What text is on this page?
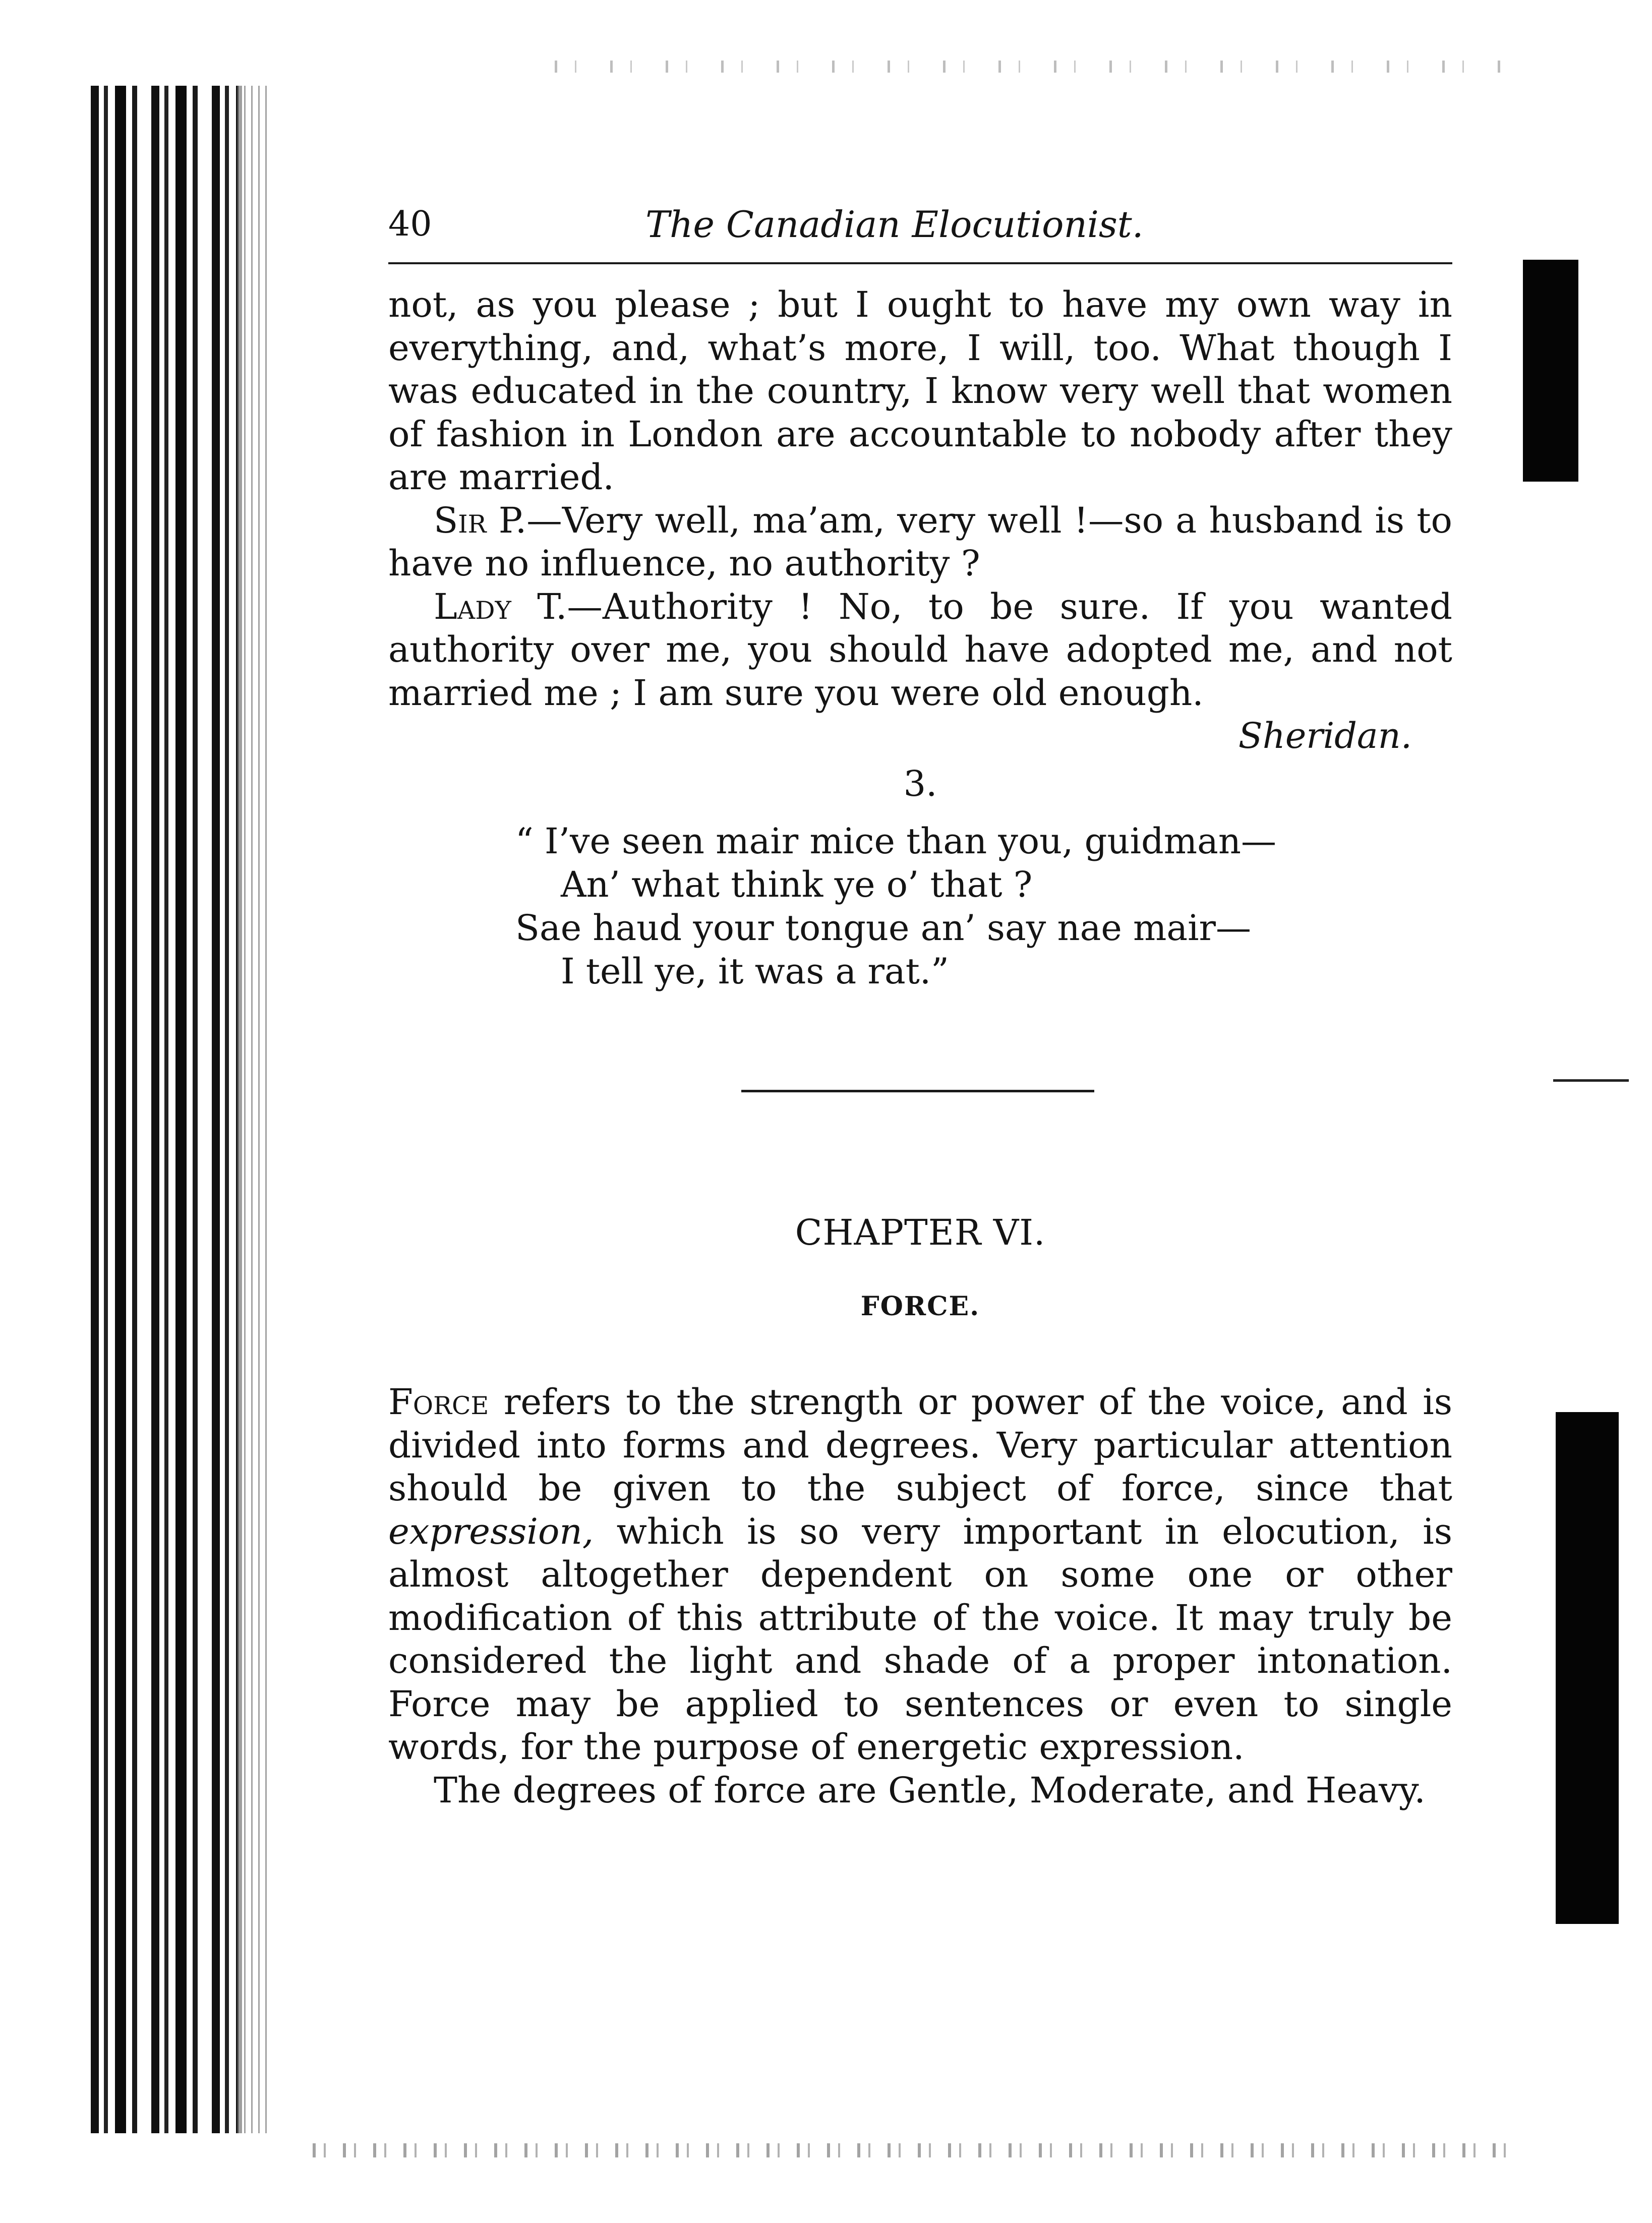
40	The Canadian Elocutionist.

not, as you please ; but I ought to have my own way in everything, and, what’s more, I will, too. What though I was educated in the country, I know very well that women of fashion in London are accountable to nobody after they are married.

Sir P.—Very well, ma’am, very well !—so a husband is to have no influence, no authority ?

Lady T.—Authority ! No, to be sure. If you wanted authority over me, you should have adopted me, and not married me ; I am sure you were old enough.

Sheridan.
3.
“ I’ve seen mair mice than you, guidman—
An’ what think ye o’ that ?
Sae haud your tongue an’ say nae mair—
I tell ye, it was a rat.”
CHAPTER VI.
FORCE.

Force refers to the strength or power of the voice, and is divided into forms and degrees. Very particular attention should be given to the subject of force, since that expression, which is so very important in elocution, is almost altogether dependent on some one or other modification of this attribute of the voice. It may truly be considered the light and shade of a proper intonation. Force may be applied to sentences or even to single words, for the purpose of energetic expression.

The degrees of force are Gentle, Moderate, and Heavy.
